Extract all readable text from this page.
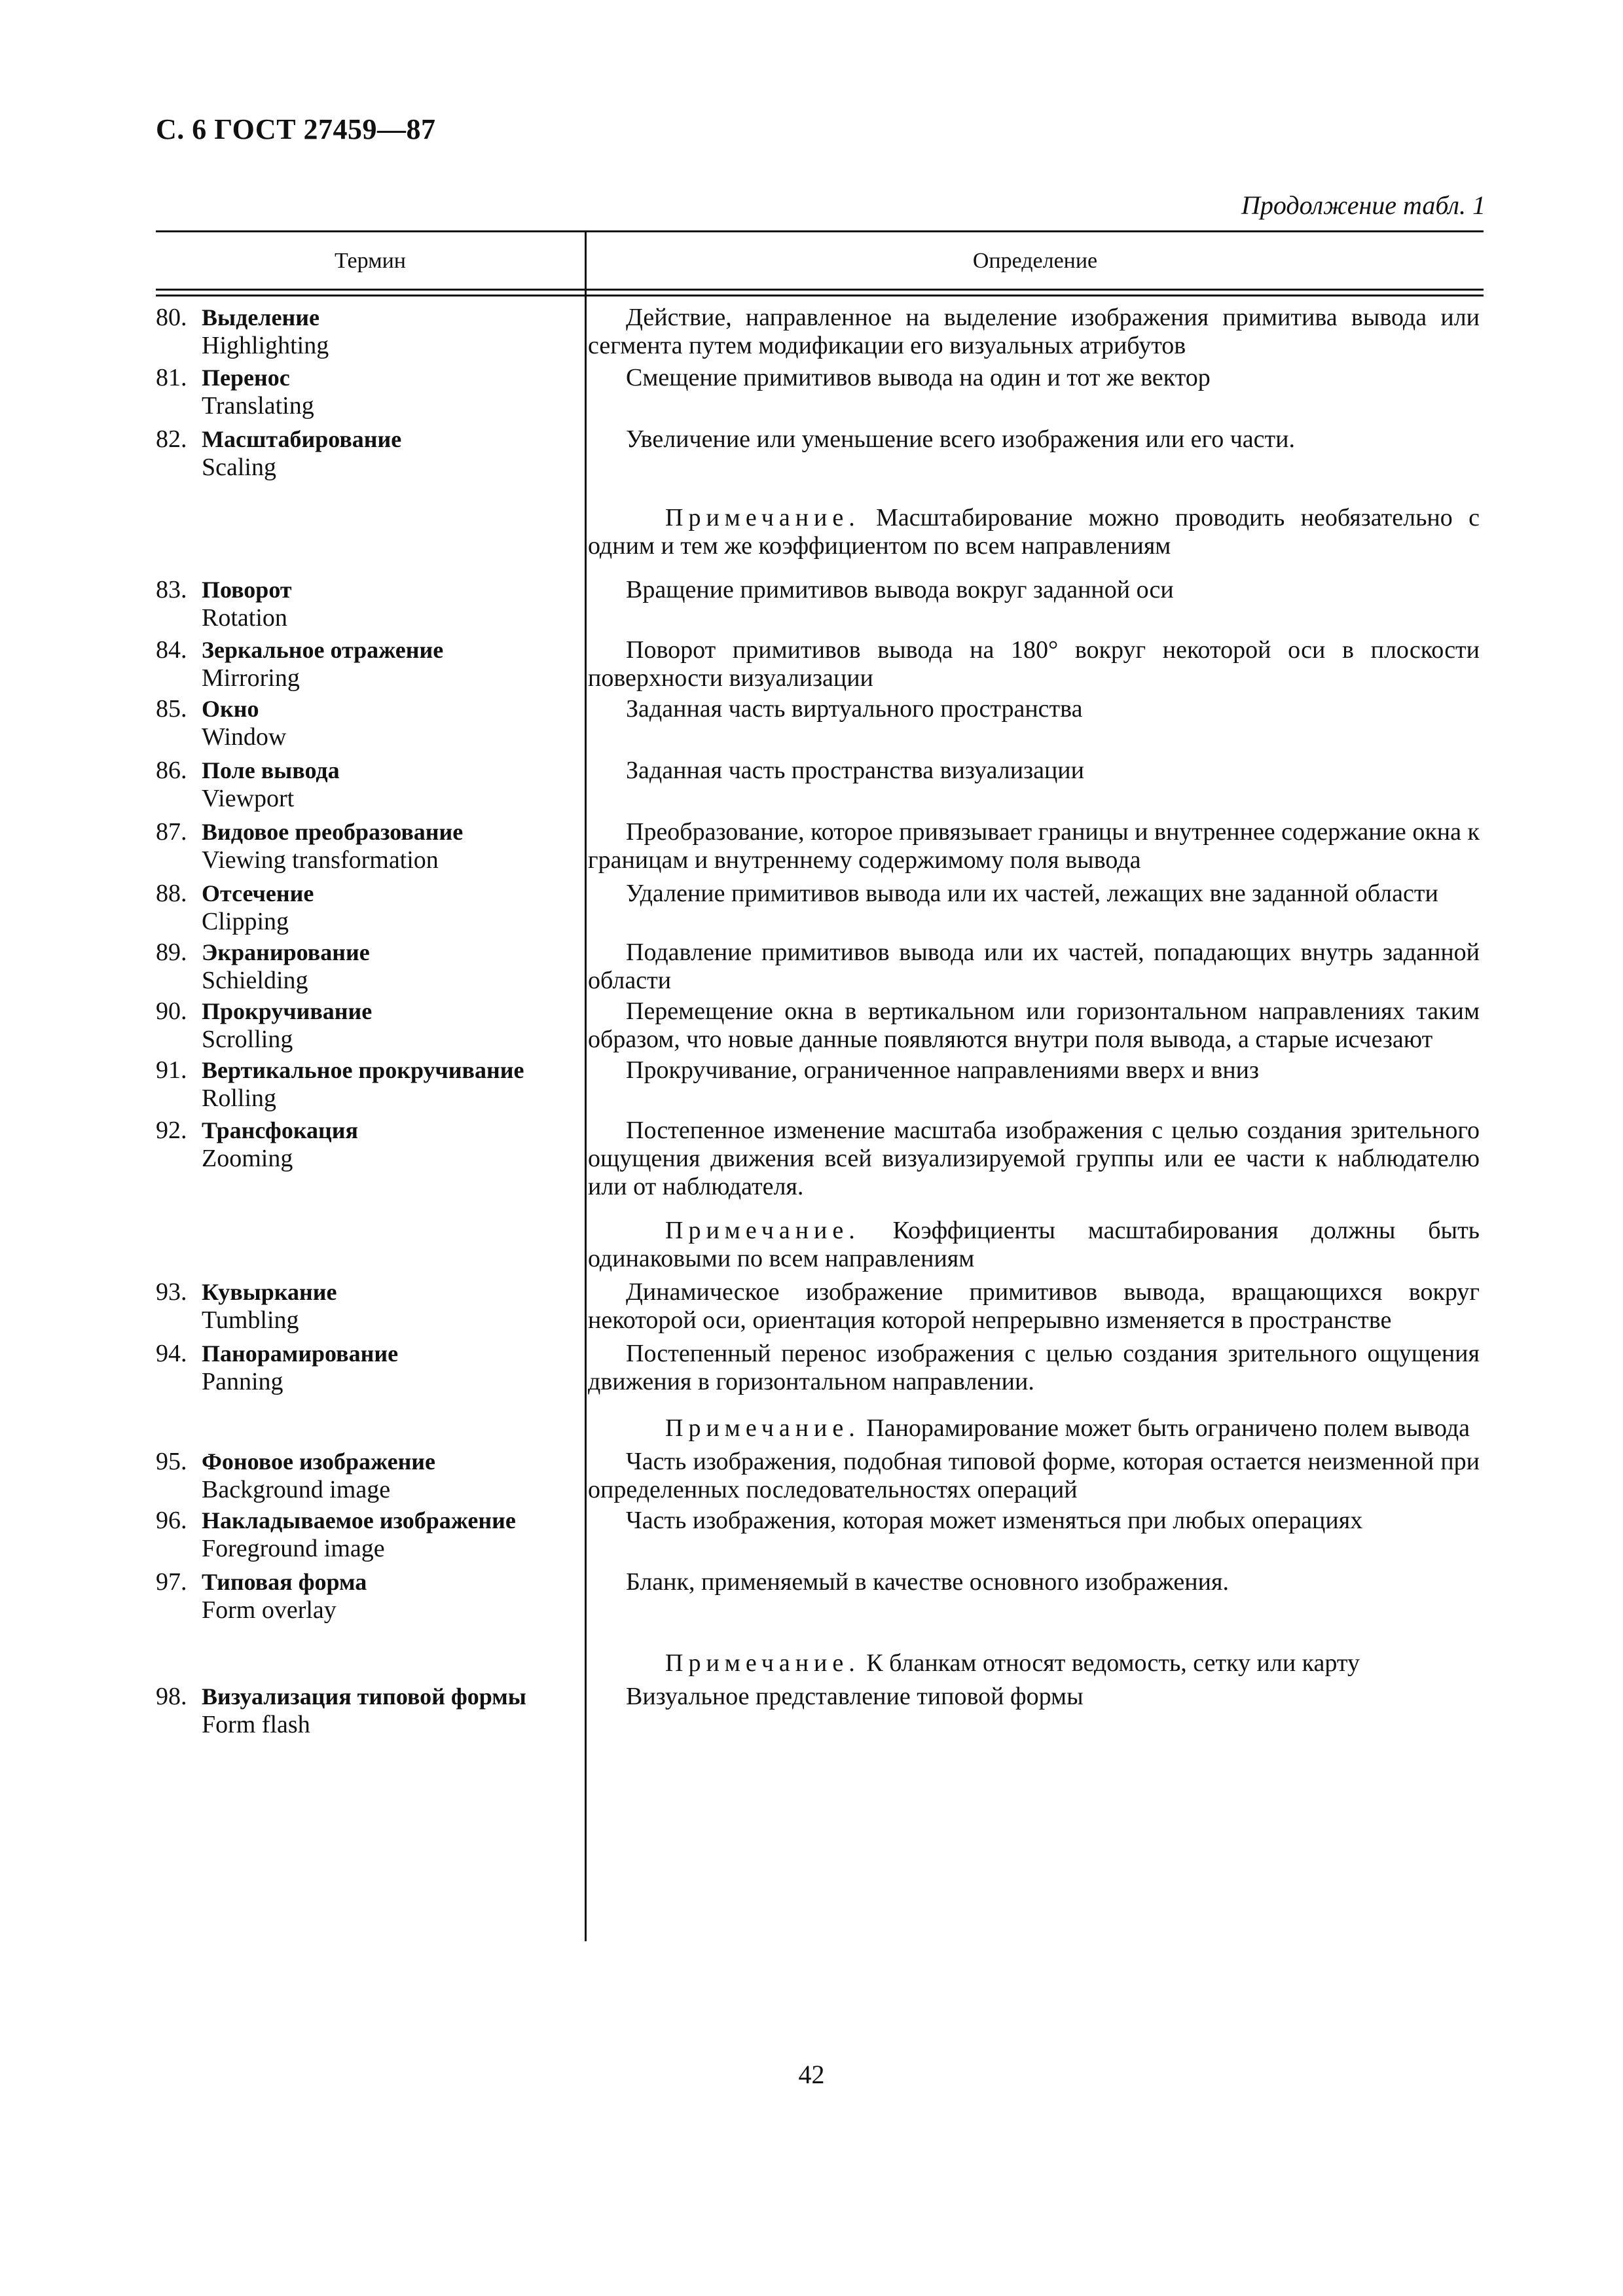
С. 6 ГОСТ 27459—87
Продолжение табл. 1
Термин	Определение
80. Выделение
Highlighting
Действие, направленное на выделение изображения примитива вывода или сегмента путем модификации его визуальных атрибутов
81. Перенос
Translating
Смещение примитивов вывода на один и тот же вектор
82. Масштабирование
Scaling
Увеличение или уменьшение всего изображения или его части.
Примечание. Масштабирование можно проводить необязательно с одним и тем же коэффициентом по всем направлениям
83. Поворот
Rotation
Вращение примитивов вывода вокруг заданной оси
84. Зеркальное отражение
Mirroring
Поворот примитивов вывода на 180° вокруг некоторой оси в плоскости поверхности визуализации
85. Окно
Window
Заданная часть виртуального пространства
86. Поле вывода
Viewport
Заданная часть пространства визуализации
87. Видовое преобразование
Viewing transformation
Преобразование, которое привязывает границы и внутреннее содержание окна к границам и внутреннему содержимому поля вывода
88. Отсечение
Clipping
Удаление примитивов вывода или их частей, лежащих вне заданной области
89. Экранирование
Schielding
Подавление примитивов вывода или их частей, попадающих внутрь заданной области
90. Прокручивание
Scrolling
Перемещение окна в вертикальном или горизонтальном направлениях таким образом, что новые данные появляются внутри поля вывода, а старые исчезают
91. Вертикальное прокручивание
Rolling
Прокручивание, ограниченное направлениями вверх и вниз
92. Трансфокация
Zooming
Постепенное изменение масштаба изображения с целью создания зрительного ощущения движения всей визуализируемой группы или ее части к наблюдателю или от наблюдателя.
Примечание. Коэффициенты масштабирования должны быть одинаковыми по всем направлениям
93. Кувыркание
Tumbling
Динамическое изображение примитивов вывода, вращающихся вокруг некоторой оси, ориентация которой непрерывно изменяется в пространстве
94. Панорамирование
Panning
Постепенный перенос изображения с целью создания зрительного ощущения движения в горизонтальном направлении.
Примечание. Панорамирование может быть ограничено полем вывода
95. Фоновое изображение
Background image
Часть изображения, подобная типовой форме, которая остается неизменной при определенных последовательностях операций
96. Накладываемое изображение
Foreground image
Часть изображения, которая может изменяться при любых операциях
97. Типовая форма
Form overlay
Бланк, применяемый в качестве основного изображения.
Примечание. К бланкам относят ведомость, сетку или карту
98. Визуализация типовой формы
Form flash
Визуальное представление типовой формы
42
